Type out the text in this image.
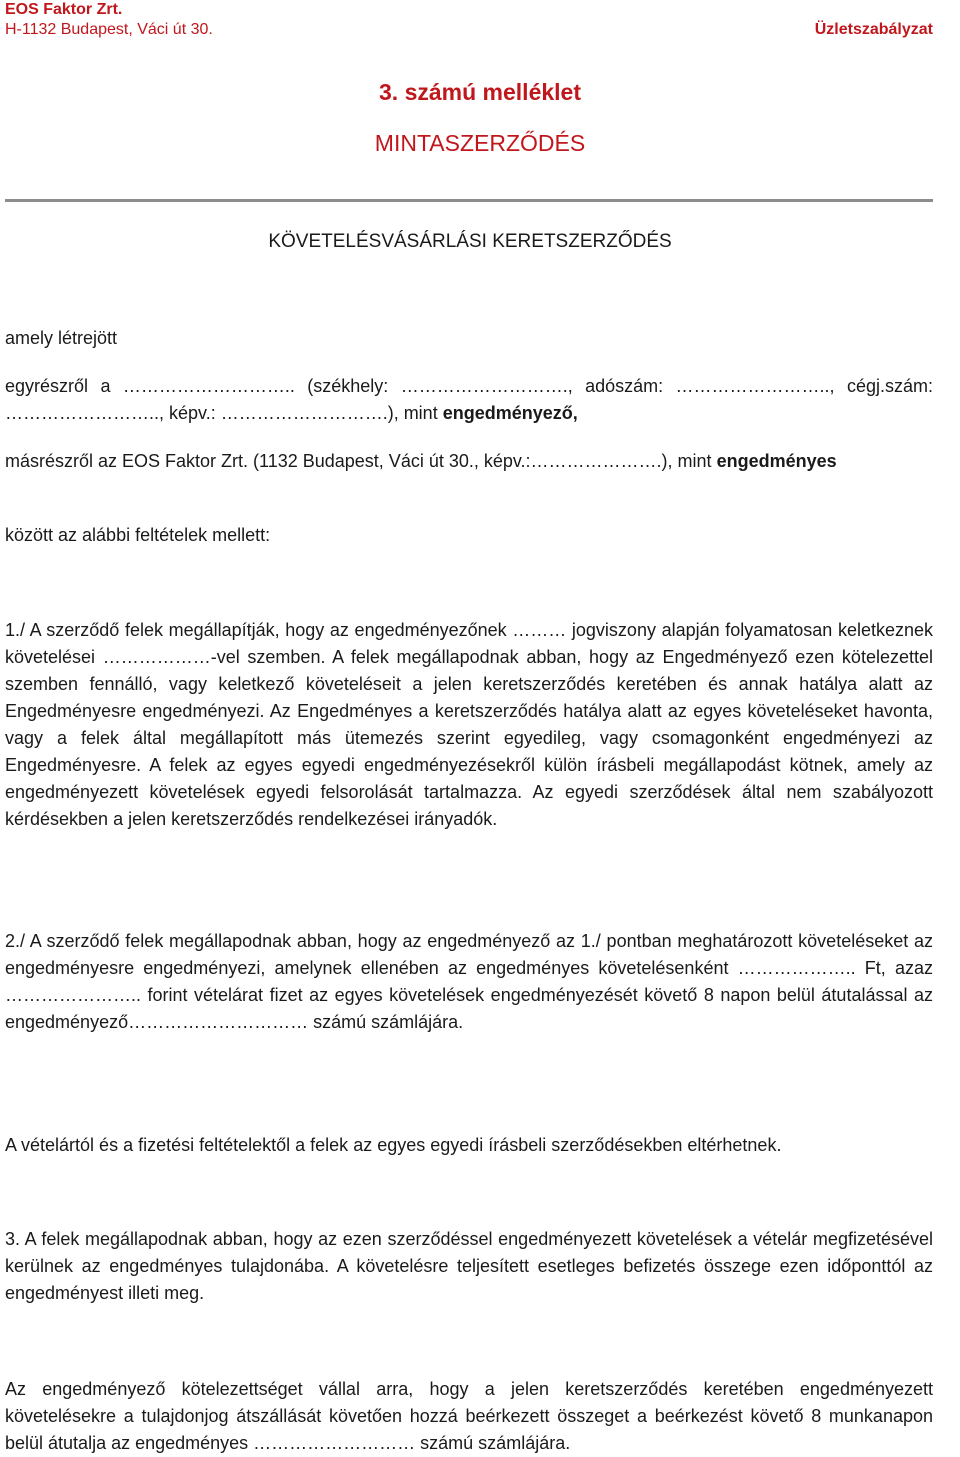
EOS Faktor Zrt.
H-1132 Budapest, Váci út 30.	Üzletszabályzat
3. számú melléklet
MINTASZERZŐDÉS
KÖVETELÉSVÁSÁRLÁSI KERETSZERZŐDÉS
amely létrejött
egyrészről a ……………………….. (székhely: ………………………., adószám: …………………….., cégj.szám: …………………….., képv.: ……………………….), mint engedményező,
másrészről az EOS Faktor Zrt. (1132 Budapest, Váci út 30., képv.:………………….), mint engedményes
között az alábbi feltételek mellett:
1./ A szerződő felek megállapítják, hogy az engedményezőnek ……… jogviszony alapján folyamatosan keletkeznek követelései ………………-vel szemben. A felek megállapodnak abban, hogy az Engedményező ezen kötelezettel szemben fennálló, vagy keletkező követeléseit a jelen keretszerződés keretében és annak hatálya alatt az Engedményesre engedményezi. Az Engedményes a keretszerződés hatálya alatt az egyes követeléseket havonta, vagy a felek által megállapított más ütemezés szerint egyedileg, vagy csomagonként engedményezi az Engedményesre. A felek az egyes egyedi engedményezésekről külön írásbeli megállapodást kötnek, amely az engedményezett követelések egyedi felsorolását tartalmazza. Az egyedi szerződések által nem szabályozott kérdésekben a jelen keretszerződés rendelkezései irányadók.
2./ A szerződő felek megállapodnak abban, hogy az engedményező az 1./ pontban meghatározott követeléseket az engedményesre engedményezi, amelynek ellenében az engedményes követelésenként ……………….. Ft, azaz ………………….. forint vételárat fizet az egyes követelések engedményezését követő 8 napon belül átutalással az engedményező………………………… számú számlájára.
A vételártól és a fizetési feltételektől a felek az egyes egyedi írásbeli szerződésekben eltérhetnek.
3. A felek megállapodnak abban, hogy az ezen szerződéssel engedményezett követelések a vételár megfizetésével kerülnek az engedményes tulajdonába. A követelésre teljesített esetleges befizetés összege ezen időponttól az engedményest illeti meg.
Az engedményező kötelezettséget vállal arra, hogy a jelen keretszerződés keretében engedményezett követelésekre a tulajdonjog átszállását követően hozzá beérkezett összeget a beérkezést követő 8 munkanapon belül átutalja az engedményes ……………………… számú számlájára.
